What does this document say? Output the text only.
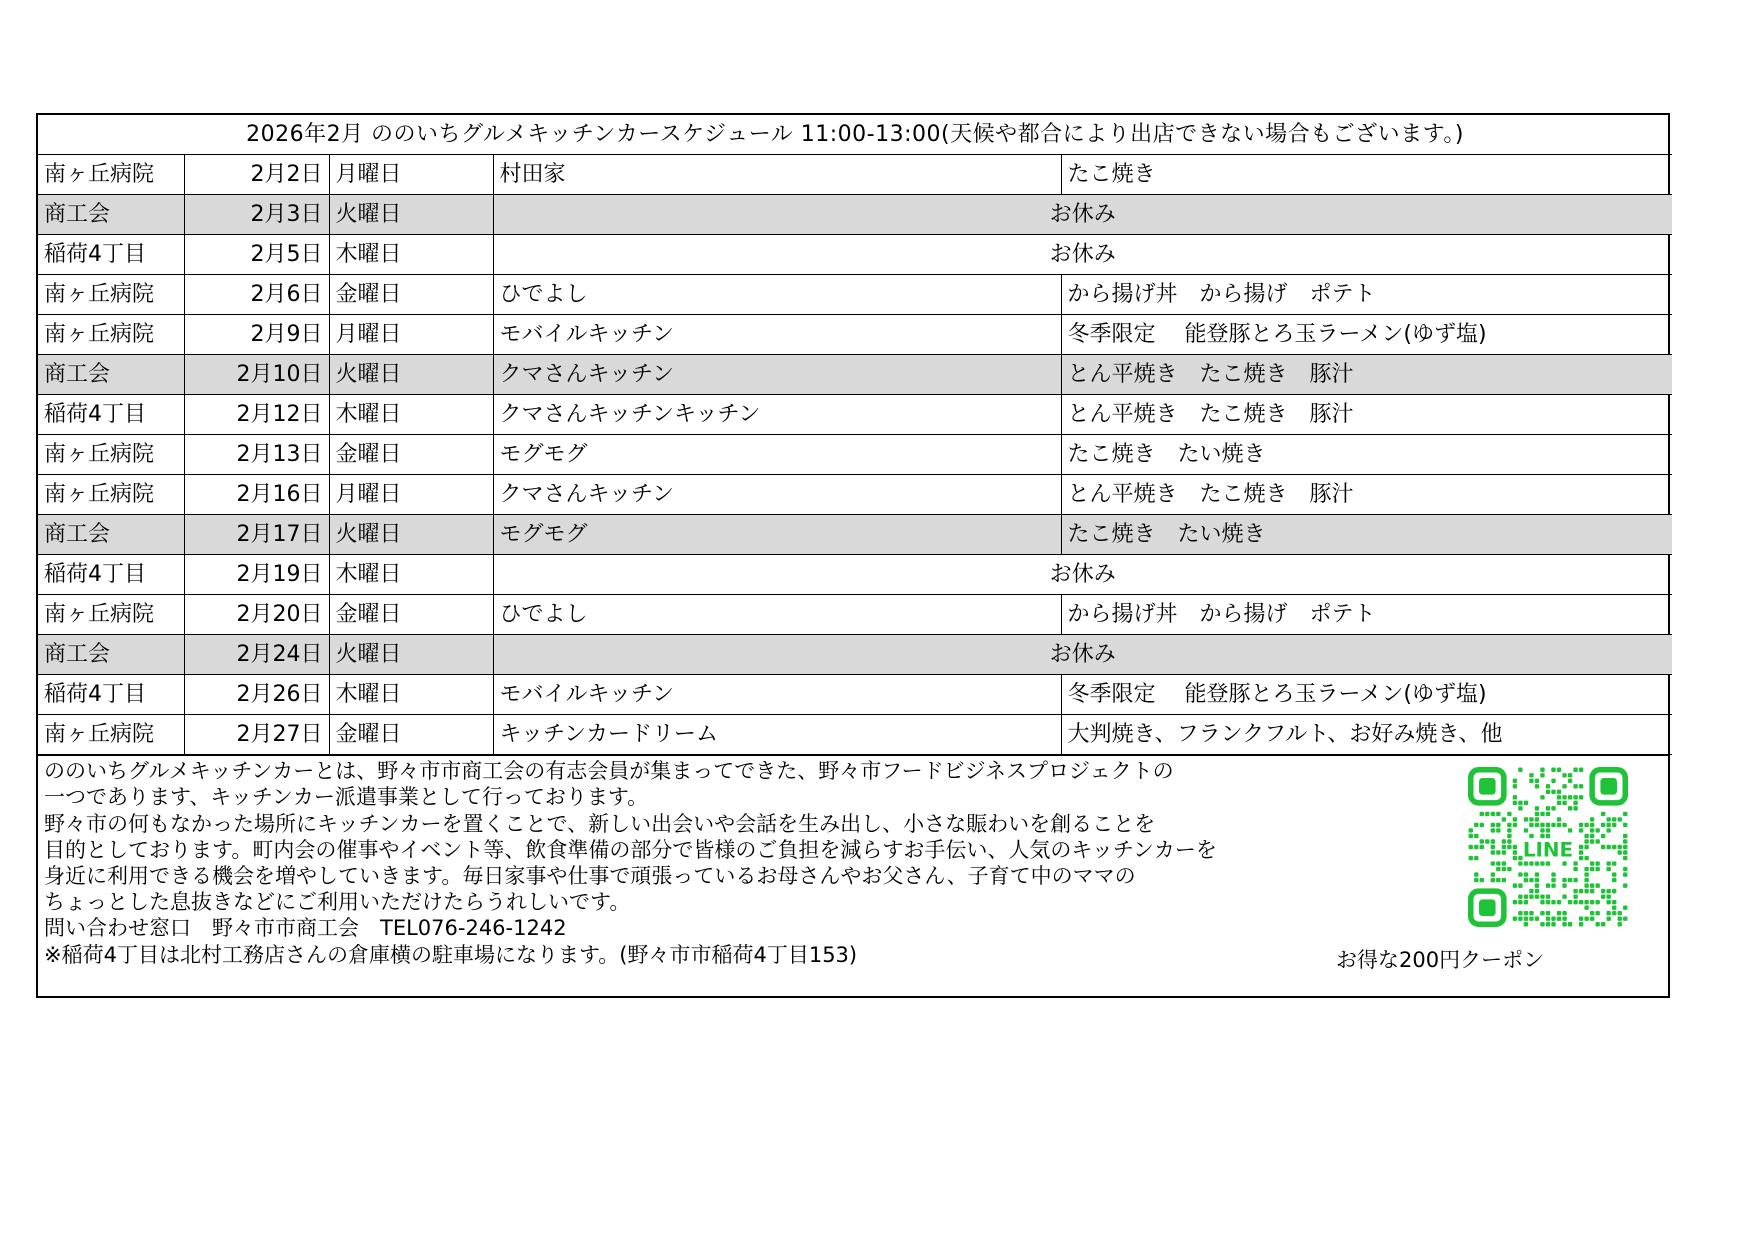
2026年2月 ののいちグルメキッチンカースケジュール 11:00-13:00(天候や都合により出店できない場合もございます。)				
南ヶ丘病院	2月2日	月曜日	村田家	たこ焼き
商工会	2月3日	火曜日	お休み	
稲荷4丁目	2月5日	木曜日	お休み	
南ヶ丘病院	2月6日	金曜日	ひでよし	から揚げ丼　から揚げ　ポテト
南ヶ丘病院	2月9日	月曜日	モバイルキッチン	冬季限定　 能登豚とろ玉ラーメン(ゆず塩)
商工会	2月10日	火曜日	クマさんキッチン	とん平焼き　たこ焼き　豚汁
稲荷4丁目	2月12日	木曜日	クマさんキッチンキッチン	とん平焼き　たこ焼き　豚汁
南ヶ丘病院	2月13日	金曜日	モグモグ	たこ焼き　たい焼き
南ヶ丘病院	2月16日	月曜日	クマさんキッチン	とん平焼き　たこ焼き　豚汁
商工会	2月17日	火曜日	モグモグ	たこ焼き　たい焼き
稲荷4丁目	2月19日	木曜日	お休み	
南ヶ丘病院	2月20日	金曜日	ひでよし	から揚げ丼　から揚げ　ポテト
商工会	2月24日	火曜日	お休み	
稲荷4丁目	2月26日	木曜日	モバイルキッチン	冬季限定　 能登豚とろ玉ラーメン(ゆず塩)
南ヶ丘病院	2月27日	金曜日	キッチンカードリーム	大判焼き、フランクフルト、お好み焼き、他
ののいちグルメキッチンカーとは、野々市市商工会の有志会員が集まってできた、野々市フードビジネスプロジェクトの
一つであります、キッチンカー派遣事業として行っております。
野々市の何もなかった場所にキッチンカーを置くことで、新しい出会いや会話を生み出し、小さな賑わいを創ることを
目的としております。町内会の催事やイベント等、飲食準備の部分で皆様のご負担を減らすお手伝い、人気のキッチンカーを
身近に利用できる機会を増やしていきます。毎日家事や仕事で頑張っているお母さんやお父さん、子育て中のママの
ちょっとした息抜きなどにご利用いただけたらうれしいです。
問い合わせ窓口　野々市市商工会　TEL076-246-1242
※稲荷4丁目は北村工務店さんの倉庫横の駐車場になります。(野々市市稲荷4丁目153)
LINE
お得な200円クーポン
